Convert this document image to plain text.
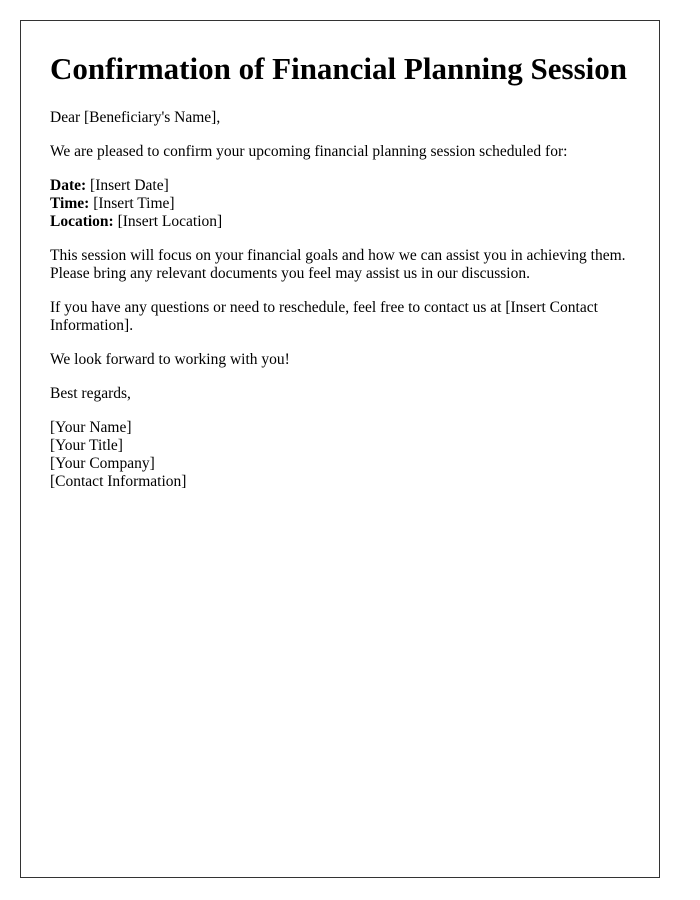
Confirmation of Financial Planning Session

Dear [Beneficiary's Name],

We are pleased to confirm your upcoming financial planning session scheduled for:

Date: [Insert Date]
Time: [Insert Time]
Location: [Insert Location]

This session will focus on your financial goals and how we can assist you in achieving them. Please bring any relevant documents you feel may assist us in our discussion.

If you have any questions or need to reschedule, feel free to contact us at [Insert Contact Information].

We look forward to working with you!

Best regards,

[Your Name]
[Your Title]
[Your Company]
[Contact Information]
